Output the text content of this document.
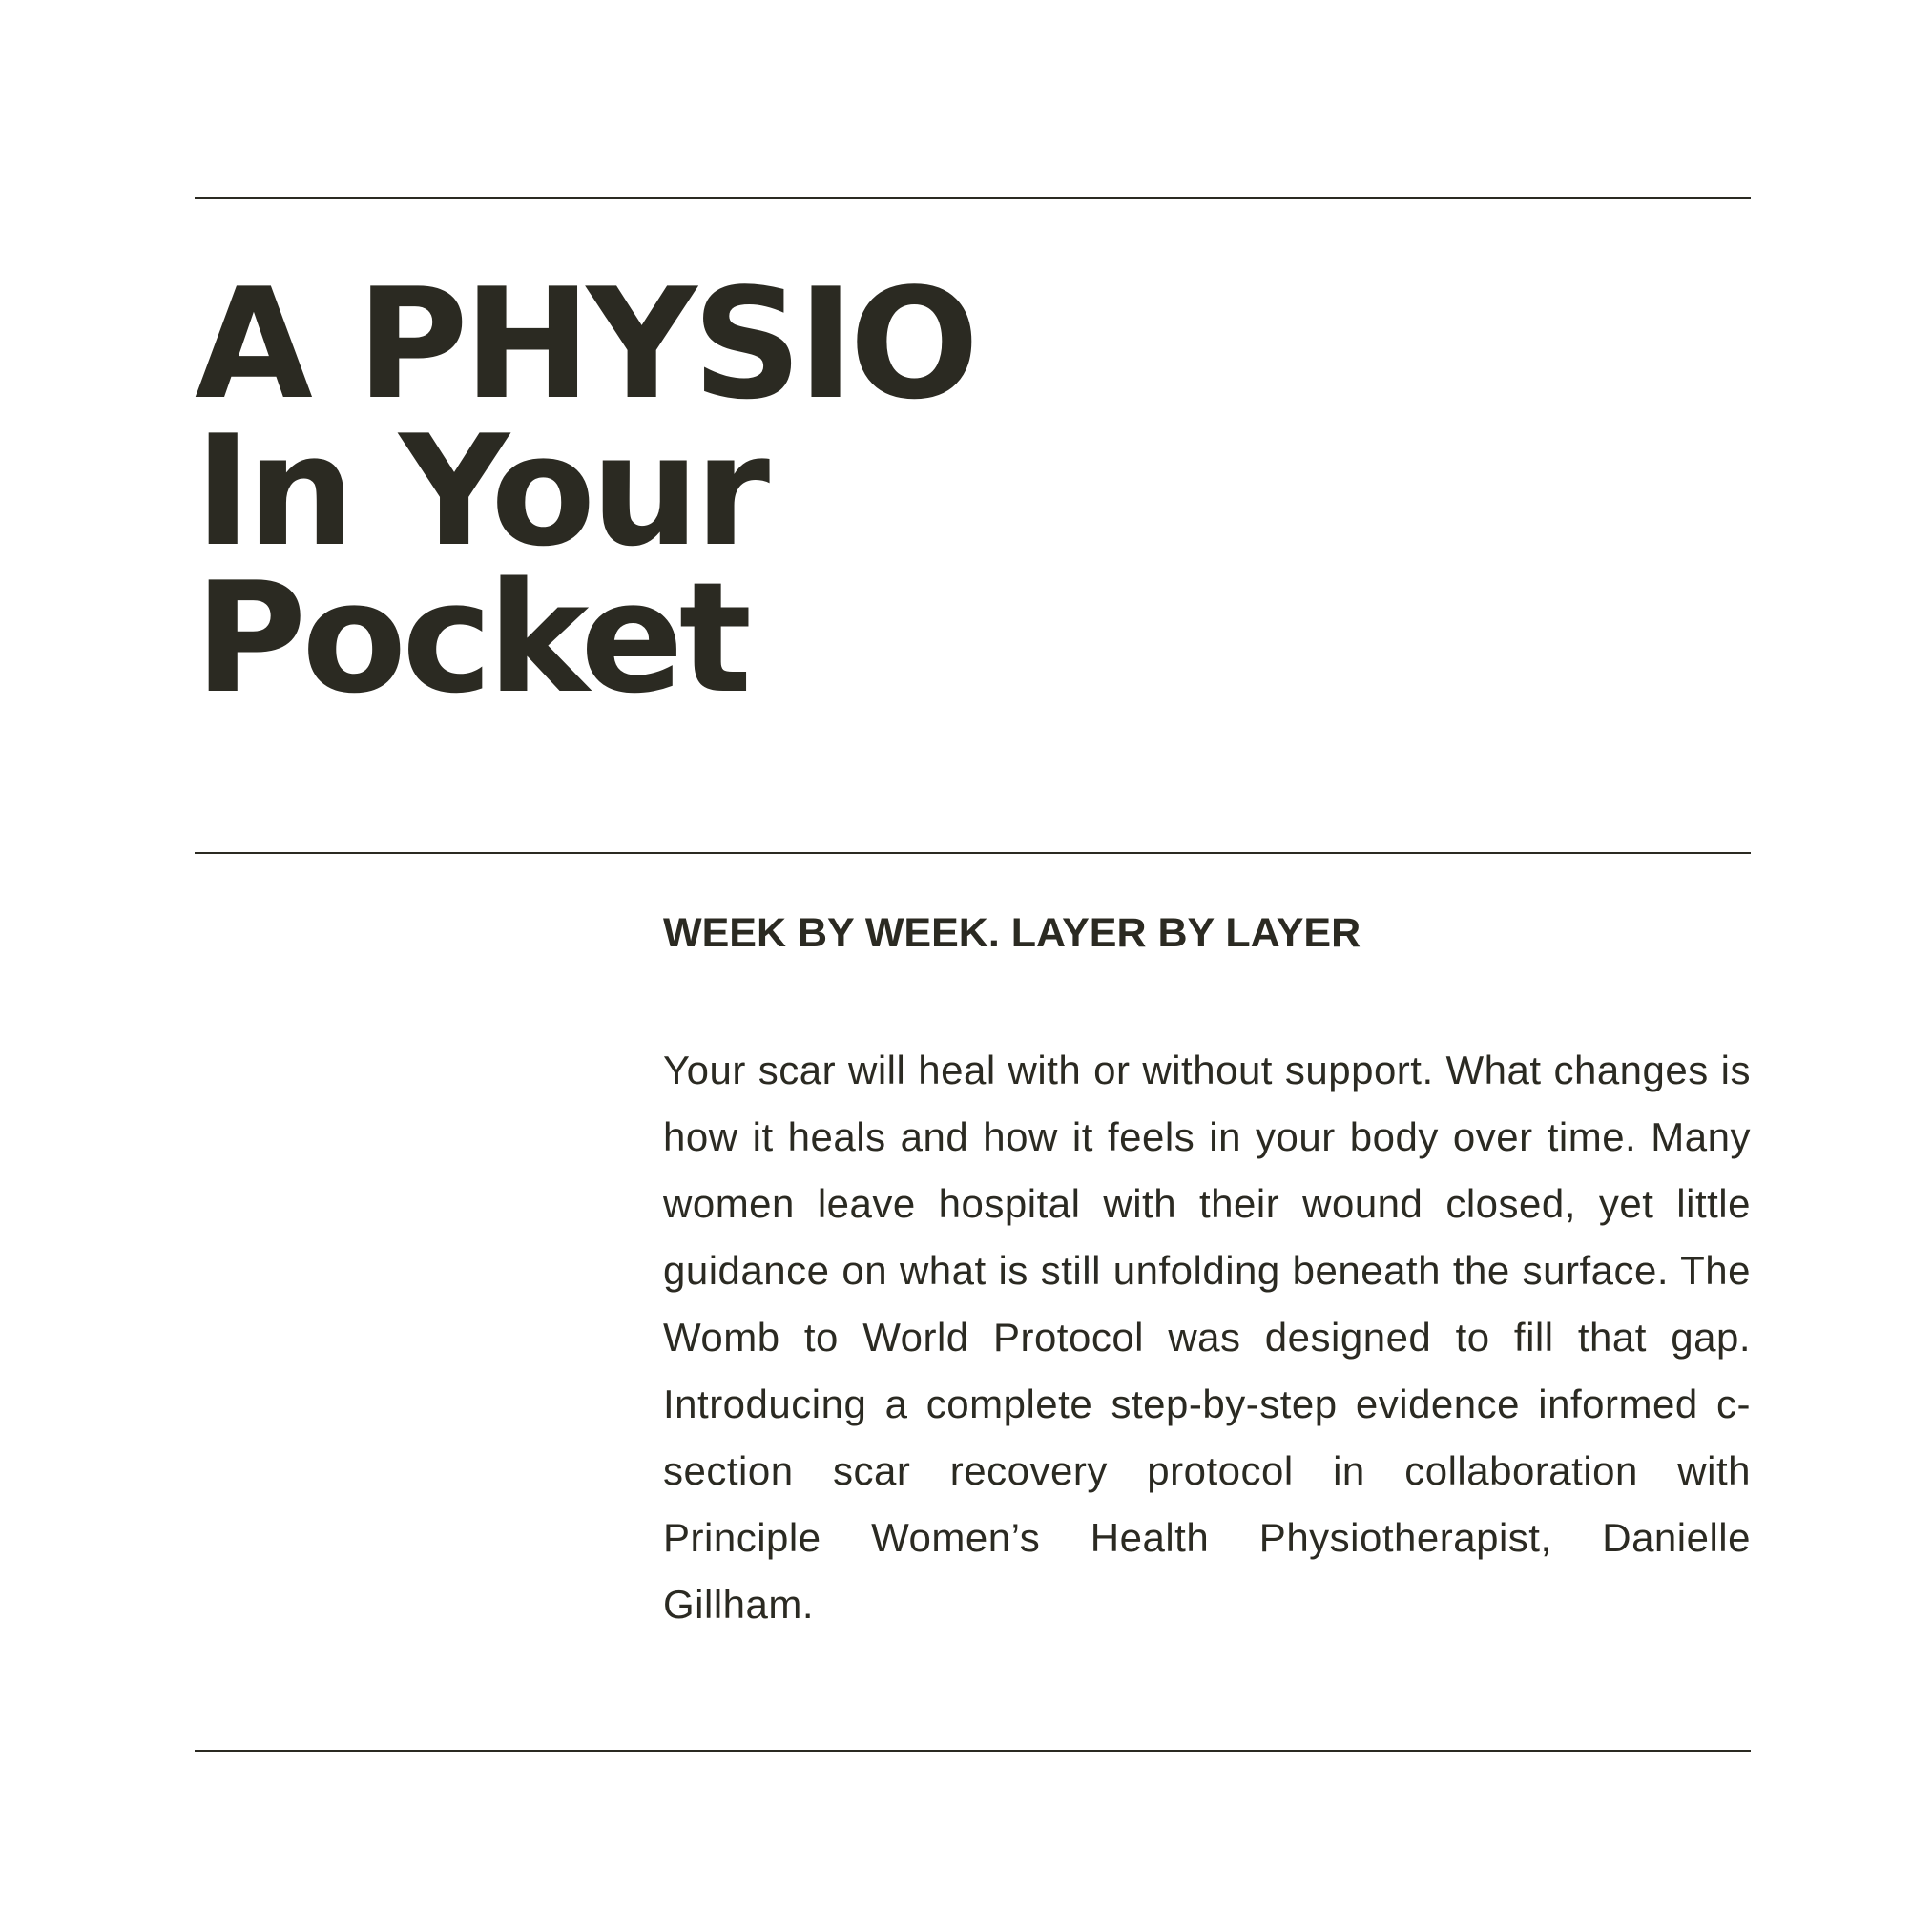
A PHYSIO
In Your
Pocket
WEEK BY WEEK. LAYER BY LAYER

Your scar will heal with or without support. What changes is how it heals and how it feels in your body over time. Many women leave hospital with their wound closed, yet little guidance on what is still unfolding beneath the surface. The Womb to World Protocol was designed to fill that gap. Introducing a complete step-by-step evidence informed c-section scar recovery protocol in collaboration with Principle Women’s Health Physiotherapist, Danielle Gillham.
